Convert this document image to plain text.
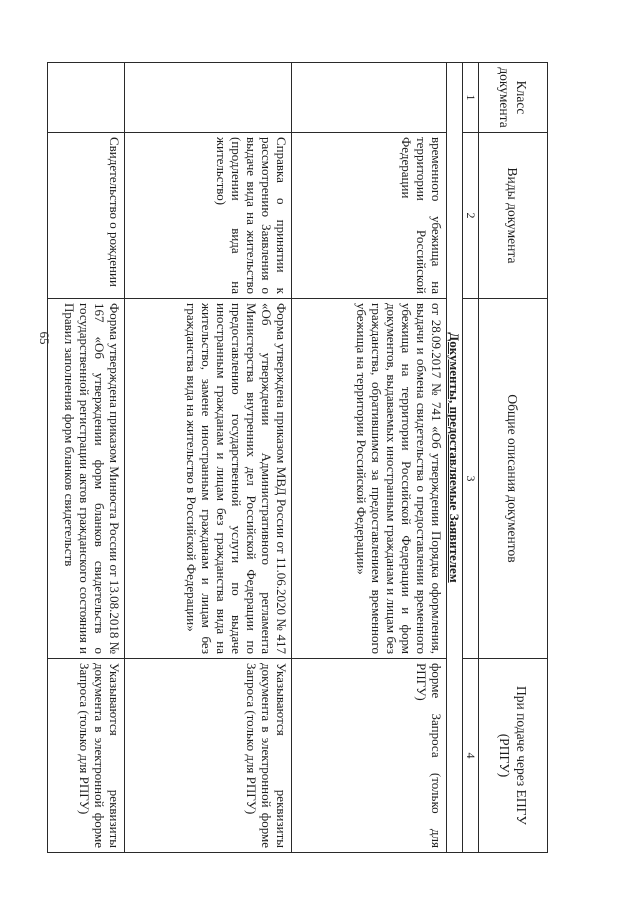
65
Класс документа	Виды документа	Общие описания документов	При подаче через ЕПГУ (РПГУ)
1	2	3	4
Документы, предоставляемые Заявителем			
	временного убежища на территории Российской Федерации	от 28.09.2017 № 741 «Об утверждении Порядка оформления, выдачи и обмена свидетельства о предоставлении временного убежища на территории Российской Федерации и форм документов, выдаваемых иностранным гражданам и лицам без гражданства, обратившимся за предоставлением временного убежища на территории Российской Федерации»	форме Запроса (только для РПГУ)
	Справка о принятии к рассмотрению Заявления о выдаче вида на жительство (продлении вида на жительство)	Форма утверждена приказом МВД России от 11.06.2020 № 417 «Об утверждении Административного регламента Министерства внутренних дел Российской Федерации по предоставлению государственной услуги по выдаче иностранным гражданам и лицам без гражданства вида на жительство, замене иностранным гражданам и лицам без гражданства вида на жительство в Российской Федерации»	Указываются реквизиты документа в электронной форме Запроса (только для РПГУ)
	Свидетельство о рождении	Форма утверждена приказом Минюста России от 13.08.2018 № 167 «Об утверждении форм бланков свидетельств о государственной регистрации актов гражданского состояния и Правил заполнения форм бланков свидетельств	Указываются реквизиты документа в электронной форме Запроса (только для РПГУ)
